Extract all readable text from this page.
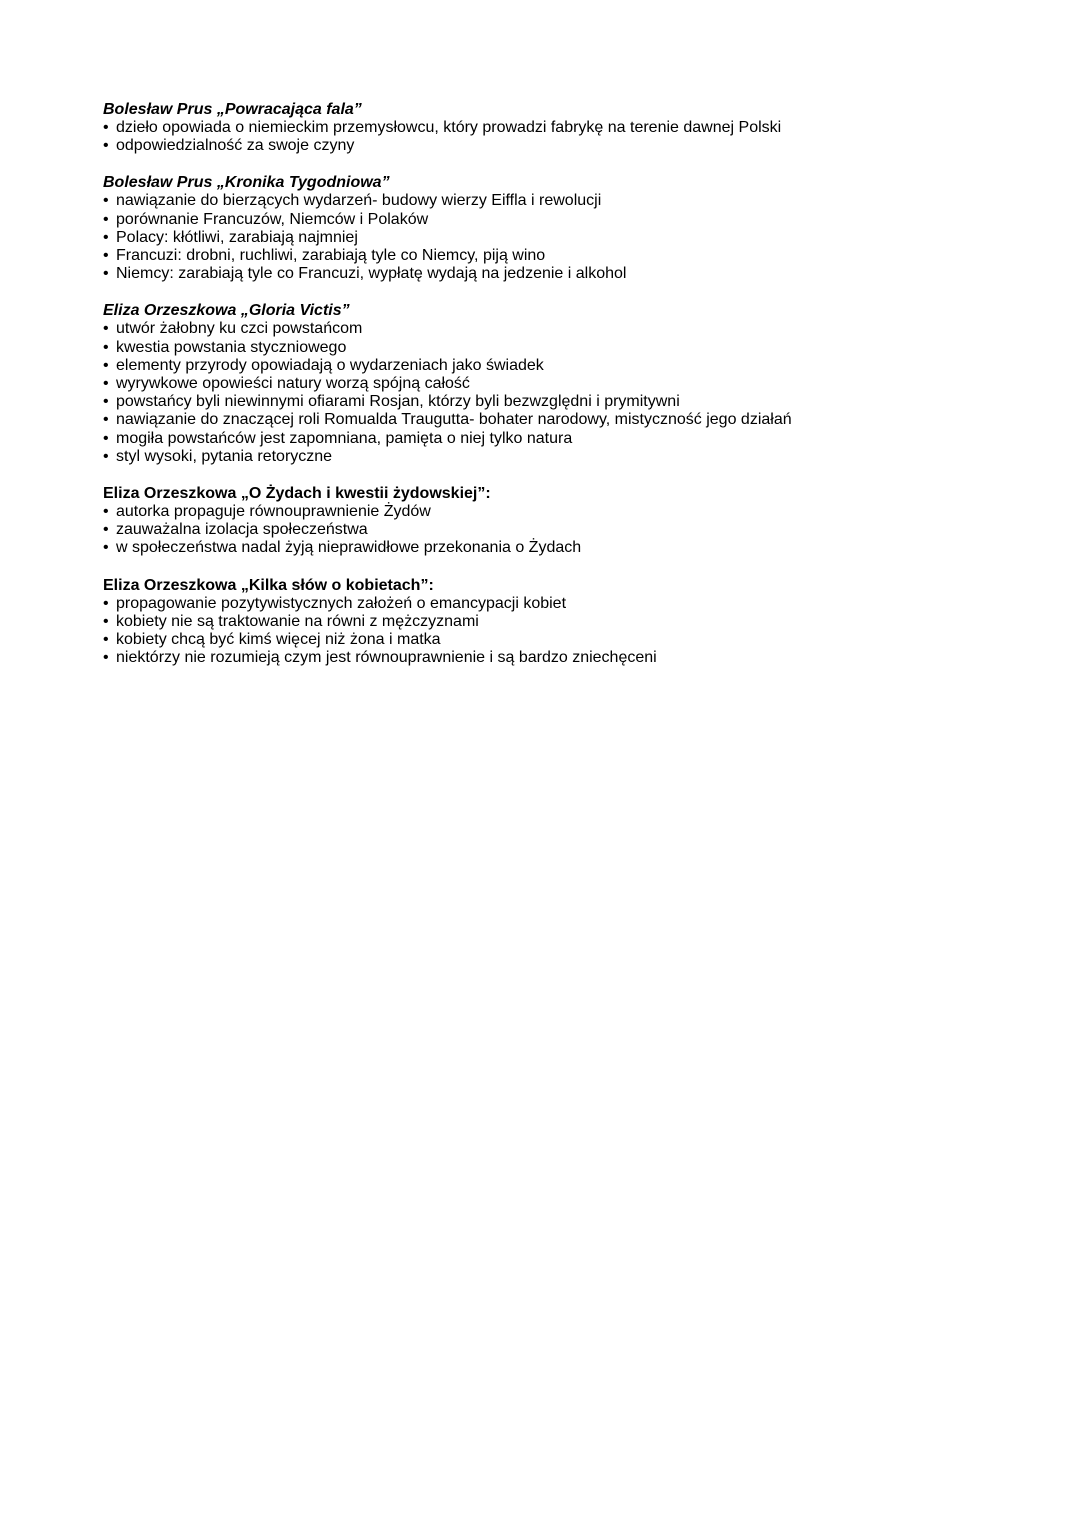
Bolesław Prus „Powracająca fala”

• dzieło opowiada o niemieckim przemysłowcu, który prowadzi fabrykę na terenie dawnej Polski
• odpowiedzialność za swoje czyny

Bolesław Prus „Kronika Tygodniowa”

• nawiązanie do bierzących wydarzeń- budowy wierzy Eiffla i rewolucji
• porównanie Francuzów, Niemców i Polaków
• Polacy: kłótliwi, zarabiają najmniej
• Francuzi: drobni, ruchliwi, zarabiają tyle co Niemcy, piją wino
• Niemcy: zarabiają tyle co Francuzi, wypłatę wydają na jedzenie i alkohol

Eliza Orzeszkowa „Gloria Victis”

• utwór żałobny ku czci powstańcom
• kwestia powstania styczniowego
• elementy przyrody opowiadają o wydarzeniach jako świadek
• wyrywkowe opowieści natury worzą spójną całość
• powstańcy byli niewinnymi ofiarami Rosjan, którzy byli bezwzględni i prymitywni
• nawiązanie do znaczącej roli Romualda Traugutta- bohater narodowy, mistyczność jego działań
• mogiła powstańców jest zapomniana, pamięta o niej tylko natura
• styl wysoki, pytania retoryczne

Eliza Orzeszkowa „O Żydach i kwestii żydowskiej”:

• autorka propaguje równouprawnienie Żydów
• zauważalna izolacja społeczeństwa
• w społeczeństwa nadal żyją nieprawidłowe przekonania o Żydach

Eliza Orzeszkowa „Kilka słów o kobietach”:

• propagowanie pozytywistycznych założeń o emancypacji kobiet
• kobiety nie są traktowanie na równi z mężczyznami
• kobiety chcą być kimś więcej niż żona i matka
• niektórzy nie rozumieją czym jest równouprawnienie i są bardzo zniechęceni
